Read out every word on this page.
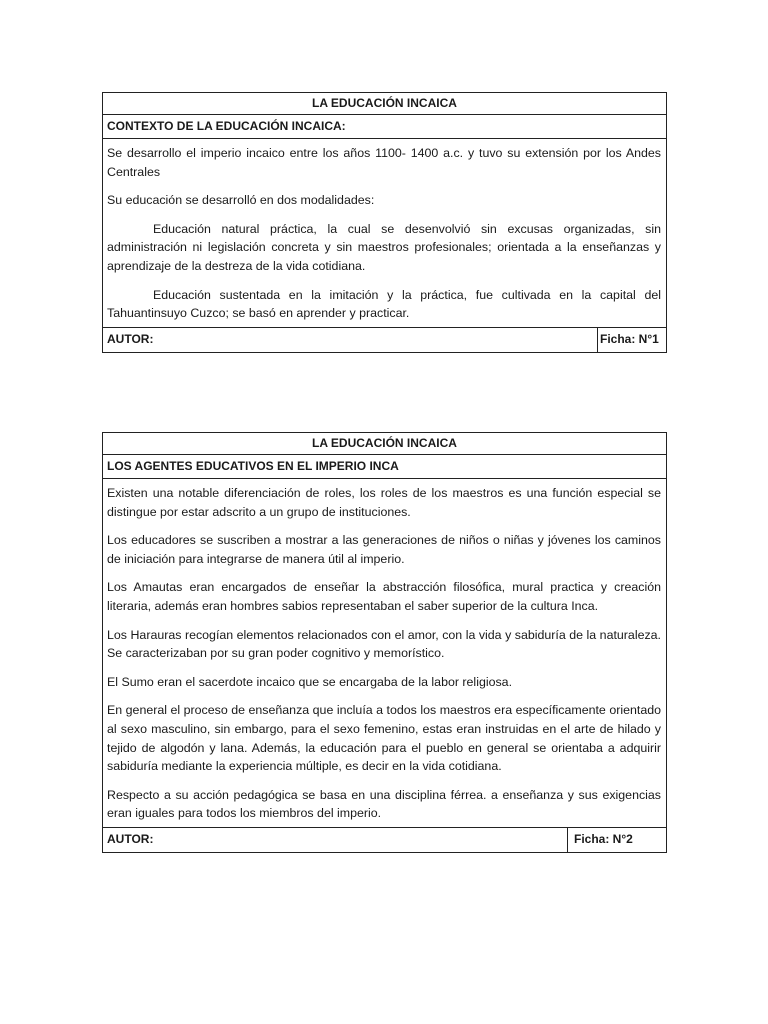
LA EDUCACIÓN INCAICA
CONTEXTO DE LA EDUCACIÓN INCAICA:

Se desarrollo el imperio incaico entre los años 1100- 1400 a.c. y tuvo su extensión por los Andes Centrales

Su educación se desarrolló en dos modalidades:

Educación natural práctica, la cual se desenvolvió sin excusas organizadas, sin administración ni legislación concreta y sin maestros profesionales; orientada a la enseñanzas y aprendizaje de la destreza de la vida cotidiana.

Educación sustentada en la imitación y la práctica, fue cultivada en la capital del Tahuantinsuyo Cuzco; se basó en aprender y practicar.

AUTOR:	Ficha: N°1
LA EDUCACIÓN INCAICA
LOS AGENTES EDUCATIVOS EN EL IMPERIO INCA

Existen una notable diferenciación de roles, los roles de los maestros es una función especial se distingue por estar adscrito a un grupo de instituciones.

Los educadores se suscriben a mostrar a las generaciones de niños o niñas y jóvenes los caminos de iniciación para integrarse de manera útil al imperio.

Los Amautas eran encargados de enseñar la abstracción filosófica, mural practica y creación literaria, además eran hombres sabios representaban el saber superior de la cultura Inca.

Los Harauras recogían elementos relacionados con el amor, con la vida y sabiduría de la naturaleza. Se caracterizaban por su gran poder cognitivo y memorístico.

El Sumo eran el sacerdote incaico que se encargaba de la labor religiosa.

En general el proceso de enseñanza que incluía a todos los maestros era específicamente orientado al sexo masculino, sin embargo, para el sexo femenino, estas eran instruidas en el arte de hilado y tejido de algodón y lana. Además, la educación para el pueblo en general se orientaba a adquirir sabiduría mediante la experiencia múltiple, es decir en la vida cotidiana.

Respecto a su acción pedagógica se basa en una disciplina férrea. a enseñanza y sus exigencias eran iguales para todos los miembros del imperio.

AUTOR:	Ficha: N°2
